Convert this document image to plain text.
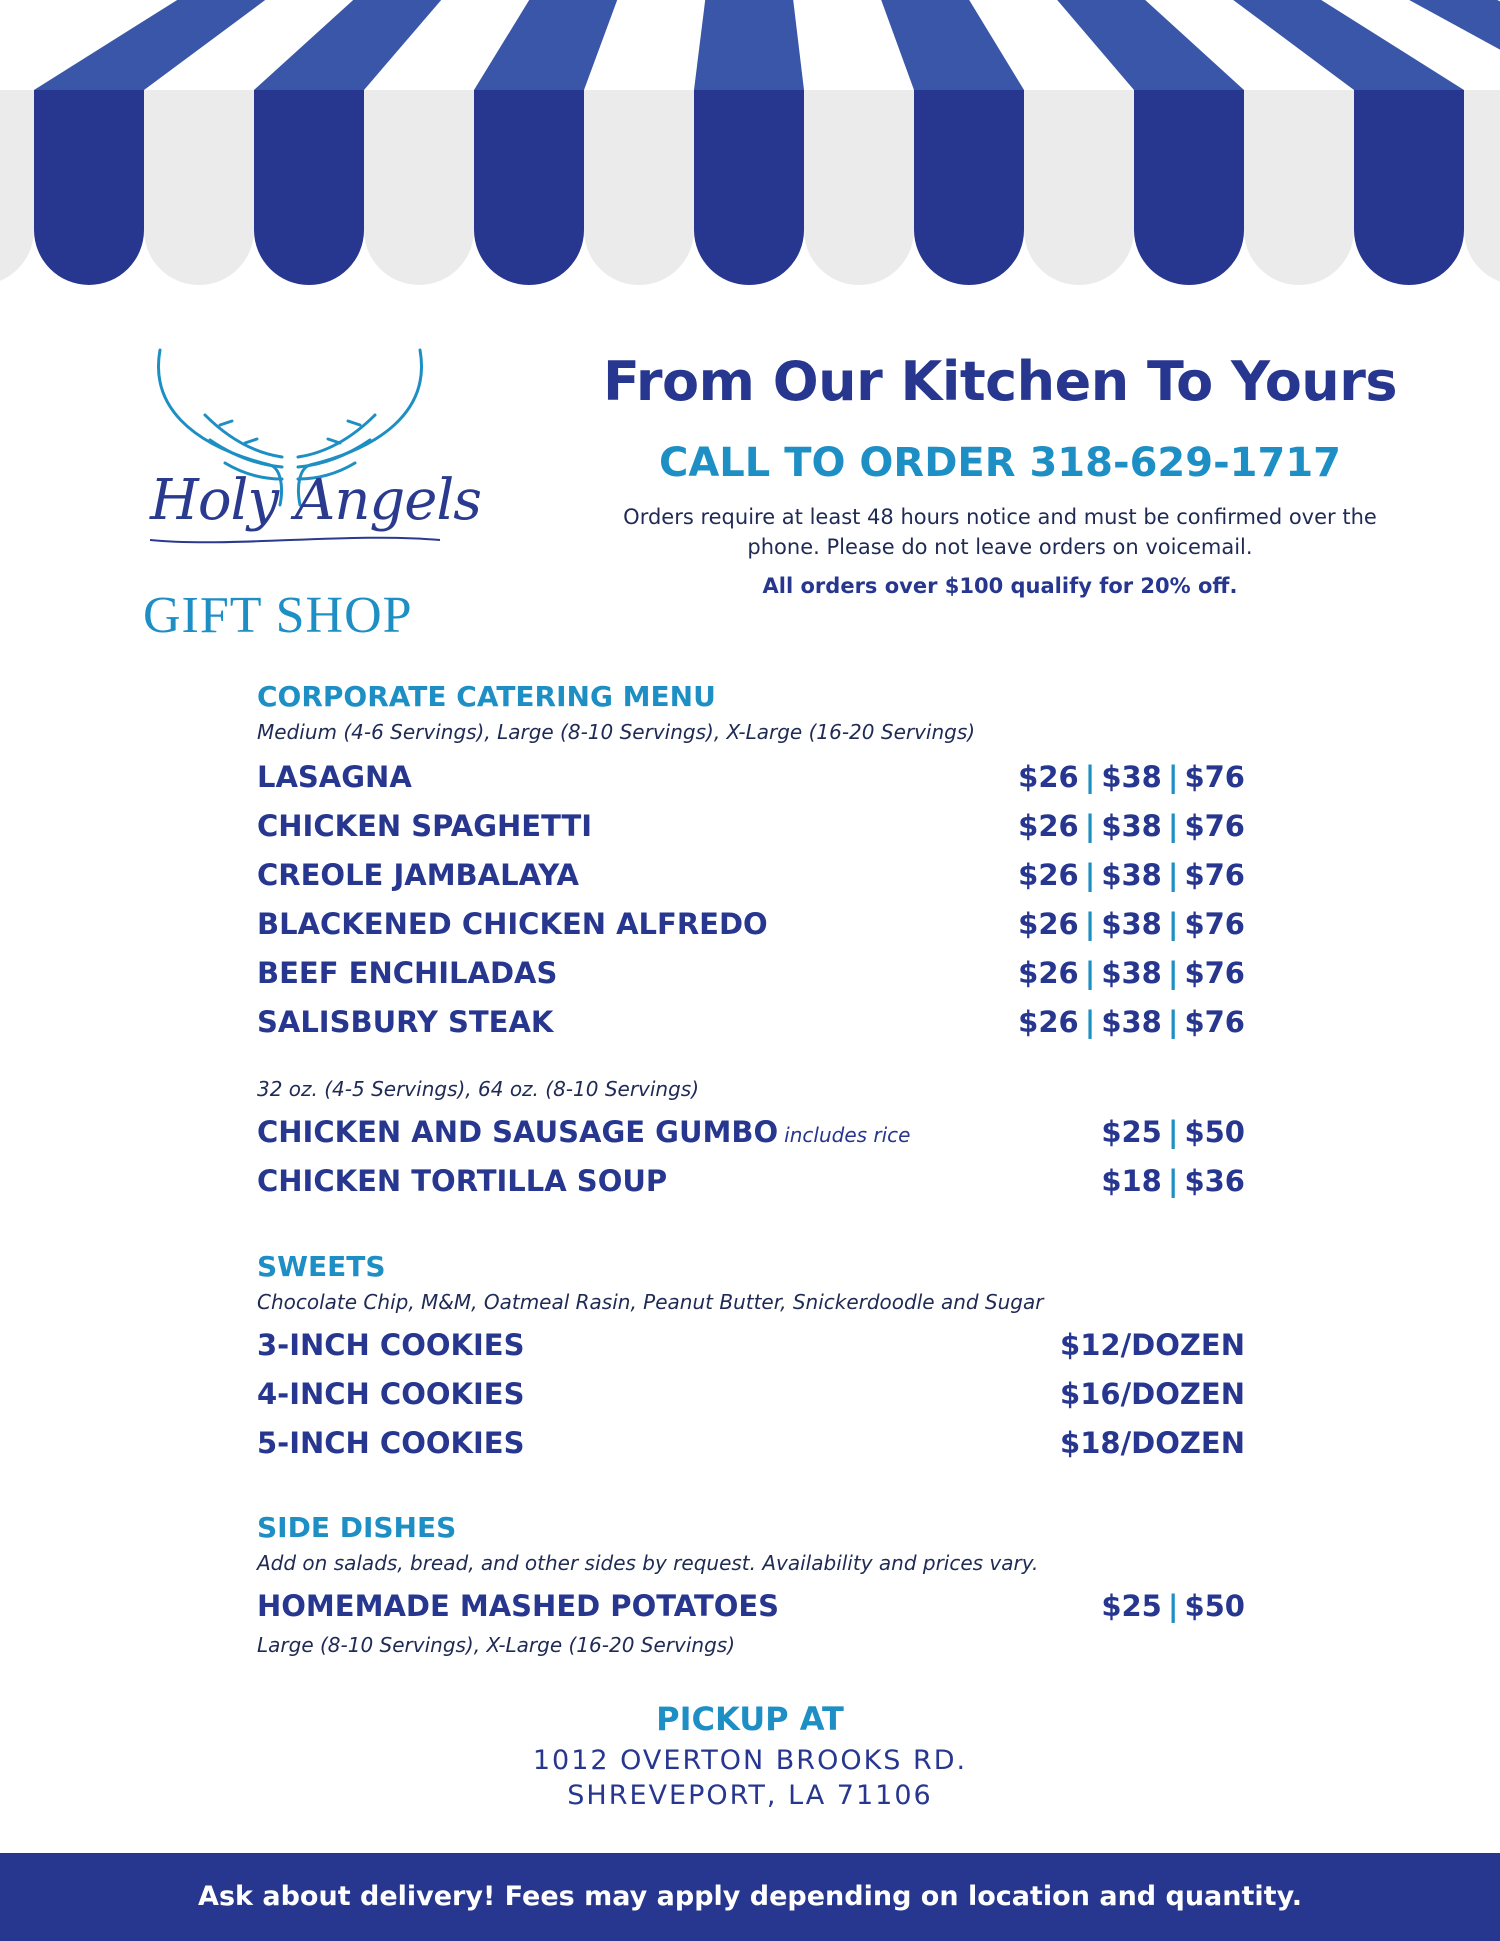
Holy Angels
GIFT SHOP
From Our Kitchen To Yours
CALL TO ORDER 318-629-1717
Orders require at least 48 hours notice and must be confirmed over the
phone. Please do not leave orders on voicemail.
All orders over $100 qualify for 20% off.
CORPORATE CATERING MENU
Medium (4-6 Servings), Large (8-10 Servings), X-Large (16-20 Servings)
LASAGNA	$26 | $38 | $76
CHICKEN SPAGHETTI	$26 | $38 | $76
CREOLE JAMBALAYA	$26 | $38 | $76
BLACKENED CHICKEN ALFREDO	$26 | $38 | $76
BEEF ENCHILADAS	$26 | $38 | $76
SALISBURY STEAK	$26 | $38 | $76
32 oz. (4-5 Servings), 64 oz. (8-10 Servings)
CHICKEN AND SAUSAGE GUMBO includes rice	$25 | $50
CHICKEN TORTILLA SOUP	$18 | $36
SWEETS
Chocolate Chip, M&M, Oatmeal Rasin, Peanut Butter, Snickerdoodle and Sugar
3-INCH COOKIES	$12/DOZEN
4-INCH COOKIES	$16/DOZEN
5-INCH COOKIES	$18/DOZEN
SIDE DISHES
Add on salads, bread, and other sides by request. Availability and prices vary.
HOMEMADE MASHED POTATOES	$25 | $50
Large (8-10 Servings), X-Large (16-20 Servings)
PICKUP AT
1012 OVERTON BROOKS RD.
SHREVEPORT, LA 71106
Ask about delivery! Fees may apply depending on location and quantity.
